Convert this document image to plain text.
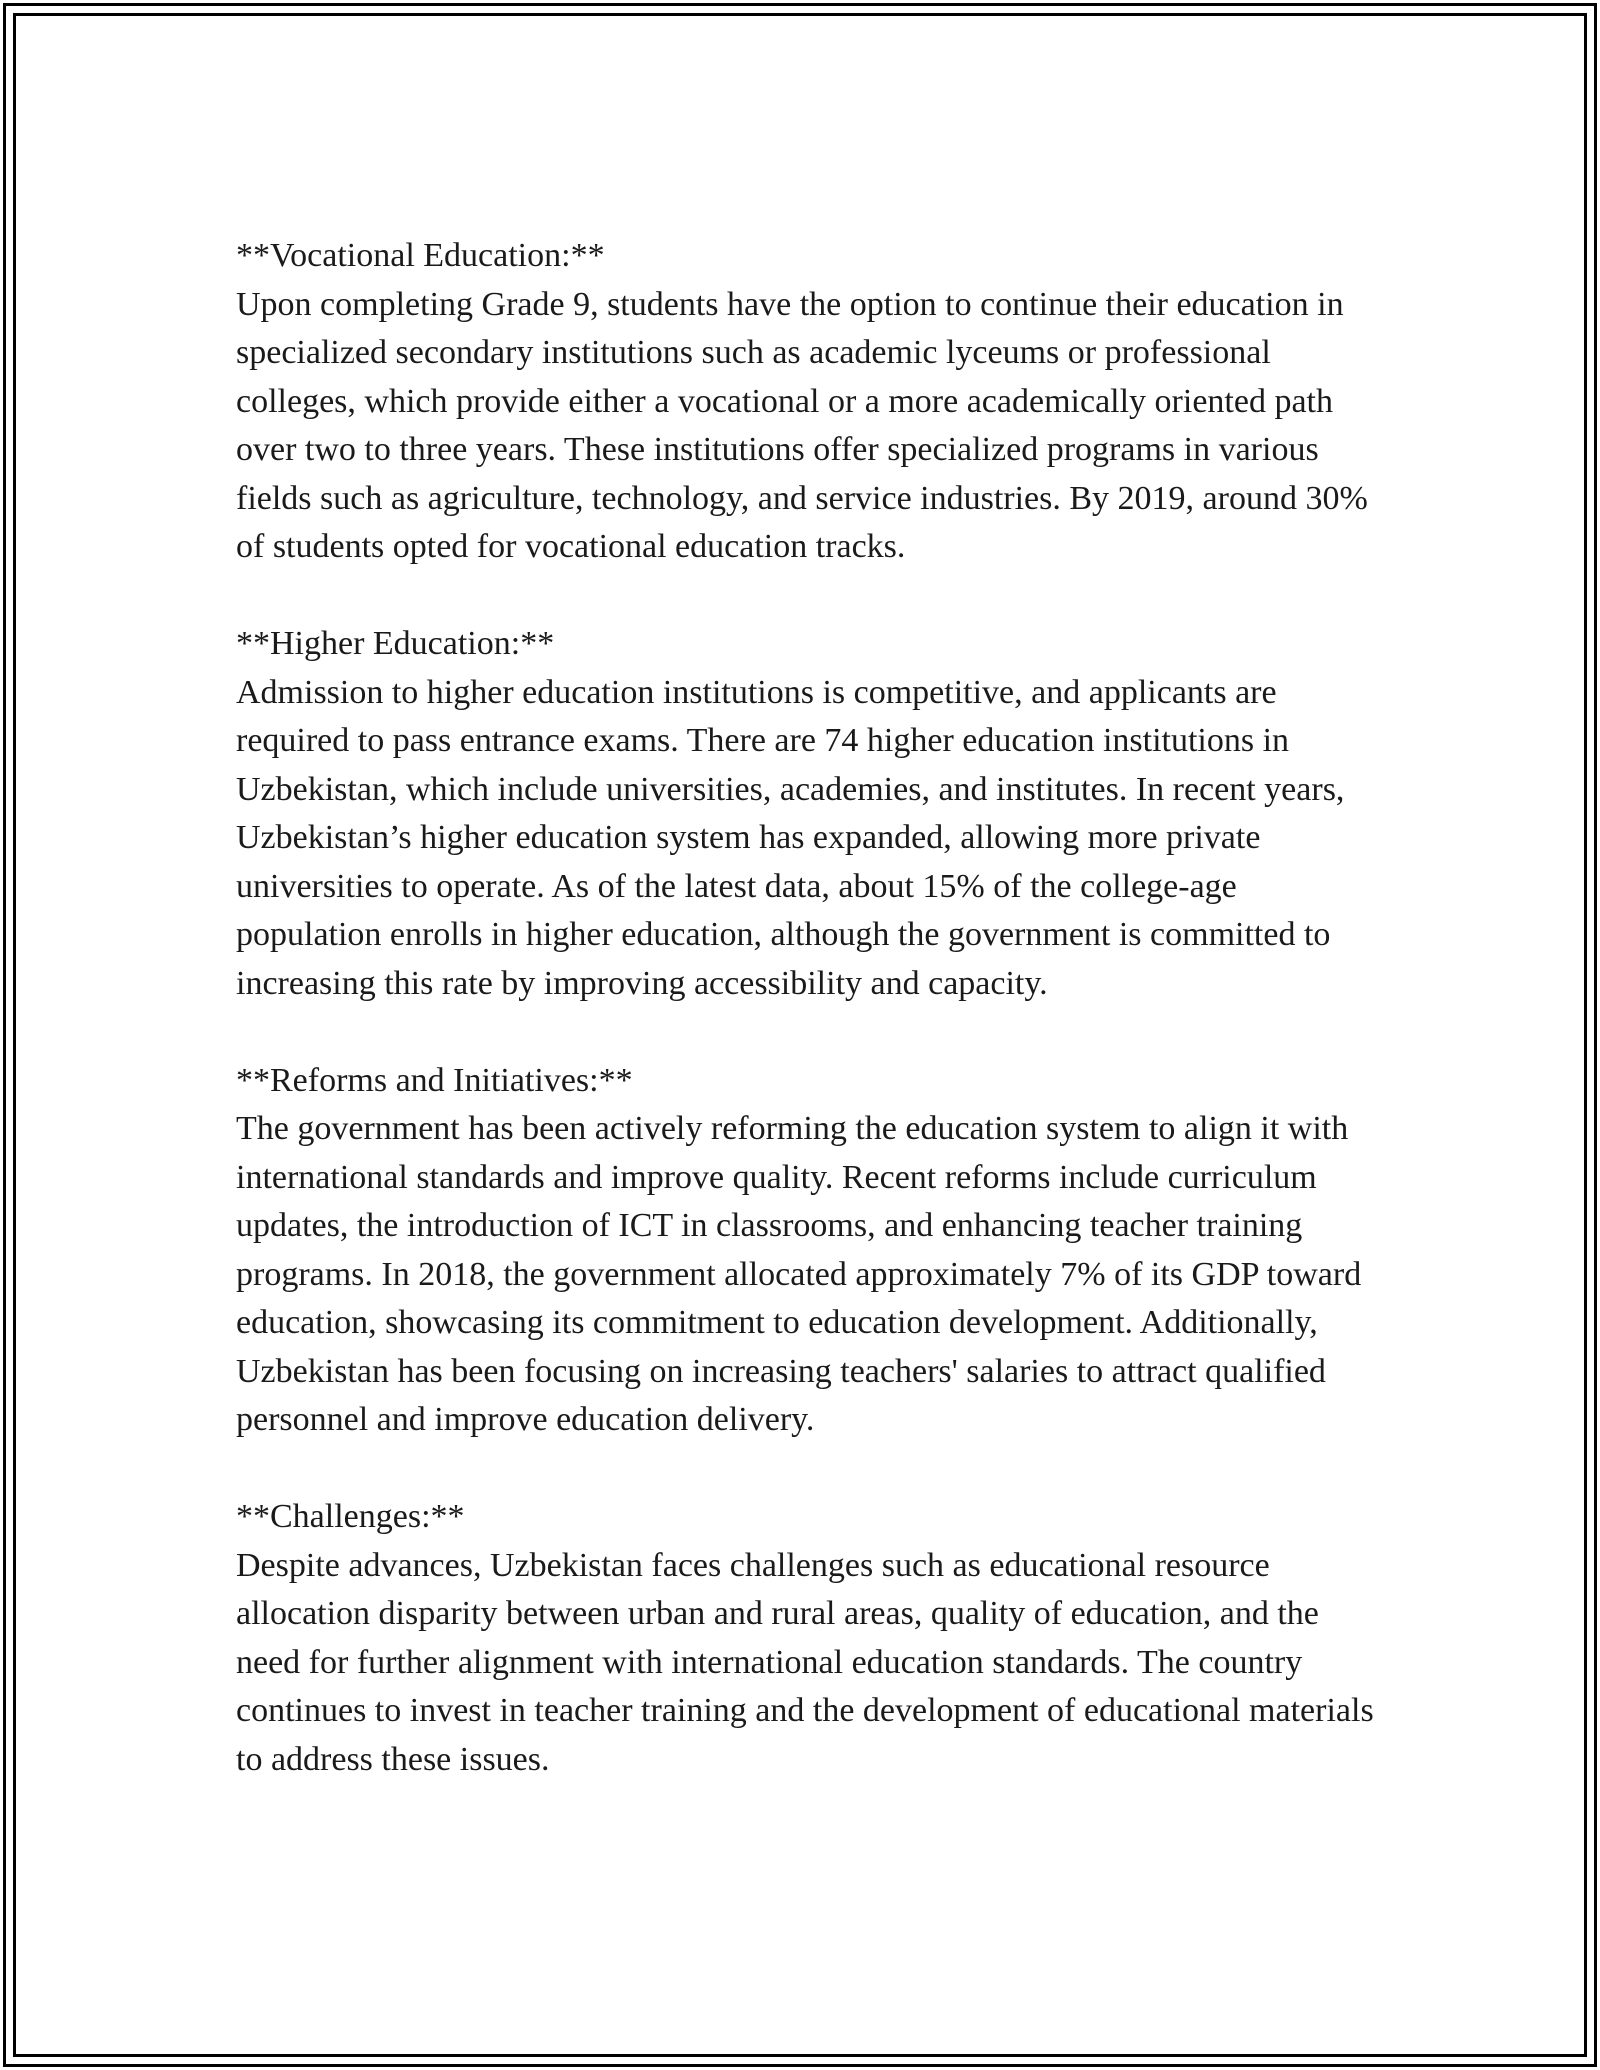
**Vocational Education:**

Upon completing Grade 9, students have the option to continue their education in specialized secondary institutions such as academic lyceums or professional colleges, which provide either a vocational or a more academically oriented path over two to three years. These institutions offer specialized programs in various fields such as agriculture, technology, and service industries. By 2019, around 30% of students opted for vocational education tracks.

**Higher Education:**

Admission to higher education institutions is competitive, and applicants are required to pass entrance exams. There are 74 higher education institutions in Uzbekistan, which include universities, academies, and institutes. In recent years, Uzbekistan’s higher education system has expanded, allowing more private universities to operate. As of the latest data, about 15% of the college-age population enrolls in higher education, although the government is committed to increasing this rate by improving accessibility and capacity.

**Reforms and Initiatives:**

The government has been actively reforming the education system to align it with international standards and improve quality. Recent reforms include curriculum updates, the introduction of ICT in classrooms, and enhancing teacher training programs. In 2018, the government allocated approximately 7% of its GDP toward education, showcasing its commitment to education development. Additionally, Uzbekistan has been focusing on increasing teachers' salaries to attract qualified personnel and improve education delivery.

**Challenges:**

Despite advances, Uzbekistan faces challenges such as educational resource allocation disparity between urban and rural areas, quality of education, and the need for further alignment with international education standards. The country continues to invest in teacher training and the development of educational materials to address these issues.
